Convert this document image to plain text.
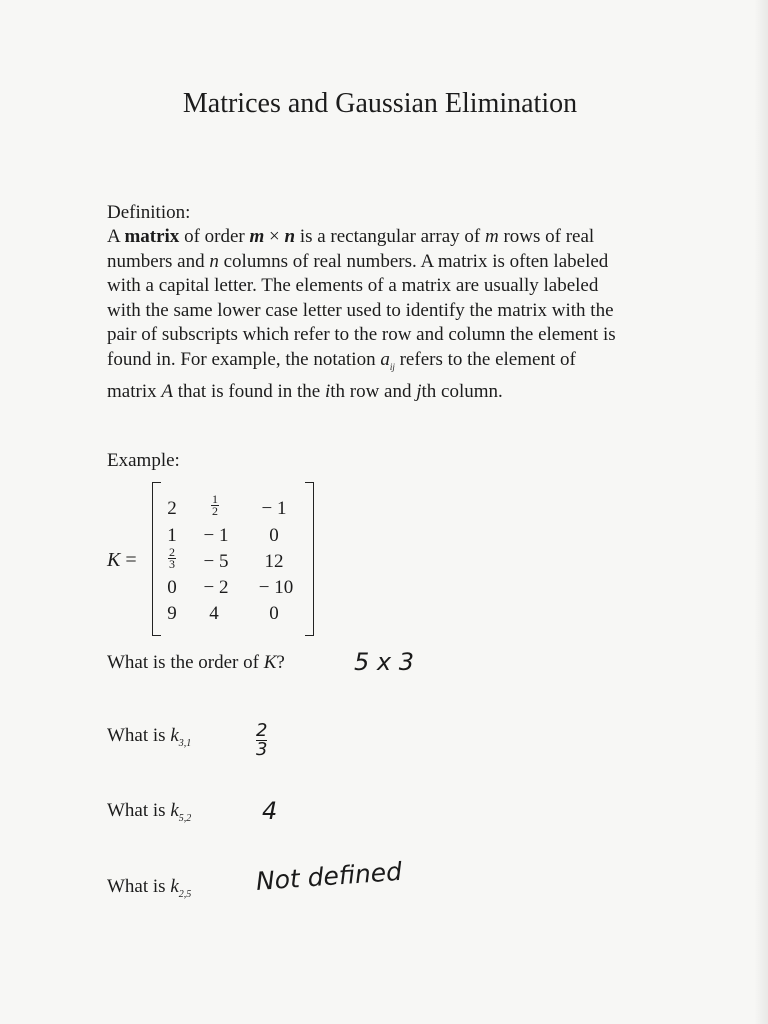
Matrices and Gaussian Elimination
Definition:
A matrix of order m × n is a rectangular array of m rows of real
numbers and n columns of real numbers. A matrix is often labeled
with a capital letter. The elements of a matrix are usually labeled
with the same lower case letter used to identify the matrix with the
pair of subscripts which refer to the row and column the element is
found in. For example, the notation $a_{ij}$ refers to the element of
matrix A that is found in the ith row and jth column.
Example:
K =
2	$\frac{1}{2}$	− 1
1	− 1	0
$\frac{2}{3}$	− 5	12
0	− 2	− 10
9	4	0
What is the order of K?	5 x 3
What is $k_{3,1}$	$\frac{2}{3}$
What is $k_{5,2}$	4
What is $k_{2,5}$	Not defined
